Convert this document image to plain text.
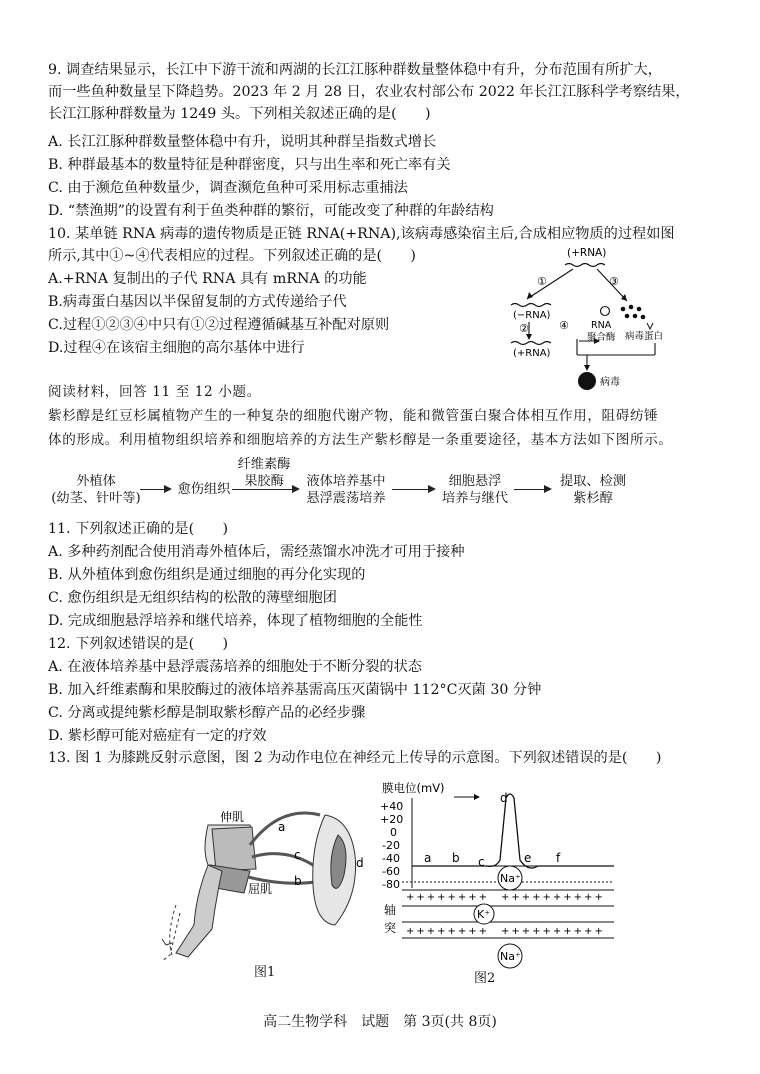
9. 调查结果显示，长江中下游干流和两湖的长江江豚种群数量整体稳中有升，分布范围有所扩大，
而一些鱼种数量呈下降趋势。2023 年 2 月 28 日，农业农村部公布 2022 年长江江豚科学考察结果，
长江江豚种群数量为 1249 头。下列相关叙述正确的是(　　)
A. 长江江豚种群数量整体稳中有升，说明其种群呈指数式增长
B. 种群最基本的数量特征是种群密度，只与出生率和死亡率有关
C. 由于濒危鱼种数量少，调查濒危鱼种可采用标志重捕法
D. “禁渔期”的设置有利于鱼类种群的繁衍，可能改变了种群的年龄结构
10. 某单链 RNA 病毒的遗传物质是正链 RNA(+RNA),该病毒感染宿主后,合成相应物质的过程如图
所示,其中①~④代表相应的过程。下列叙述正确的是(　　)
A.+RNA 复制出的子代 RNA 具有 mRNA 的功能
B.病毒蛋白基因以半保留复制的方式传递给子代
C.过程①②③④中只有①②过程遵循碱基互补配对原则
D.过程④在该宿主细胞的高尔基体中进行
(+RNA)
①	③
(−RNA)
②
(+RNA)
④ RNA
聚合酶 病毒蛋白
病毒
阅读材料，回答 11 至 12 小题。
紫杉醇是红豆杉属植物产生的一种复杂的细胞代谢产物，能和微管蛋白聚合体相互作用，阻碍纺锤
体的形成。利用植物组织培养和细胞培养的方法生产紫杉醇是一条重要途径，基本方法如下图所示。
外植体
(幼茎、针叶等)
愈伤组织
纤维素酶
果胶酶	液体培养基中
悬浮震荡培养
细胞悬浮
培养与继代
提取、检测
紫杉醇
11. 下列叙述正确的是(　　)
A. 多种药剂配合使用消毒外植体后，需经蒸馏水冲洗才可用于接种
B. 从外植体到愈伤组织是通过细胞的再分化实现的
C. 愈伤组织是无组织结构的松散的薄壁细胞团
D. 完成细胞悬浮培养和继代培养，体现了植物细胞的全能性
12. 下列叙述错误的是(　　)
A. 在液体培养基中悬浮震荡培养的细胞处于不断分裂的状态
B. 加入纤维素酶和果胶酶过的液体培养基需高压灭菌锅中 112°C灭菌 30 分钟
C. 分离或提纯紫杉醇是制取紫杉醇产品的必经步骤
D. 紫杉醇可能对癌症有一定的疗效
13. 图 1 为膝跳反射示意图，图 2 为动作电位在神经元上传导的示意图。下列叙述错误的是(　　)
伸肌
屈肌
a
c
b
d
图1
膜电位(mV)
+40
+20
0
-20
-40
-60
-80
a b c
d
e f
++++++++　++++++++++
++++++++　++++++++++
Na⁺
K⁺
Na⁺
轴
突
图2
高二生物学科　试题　第 3页(共 8页)
